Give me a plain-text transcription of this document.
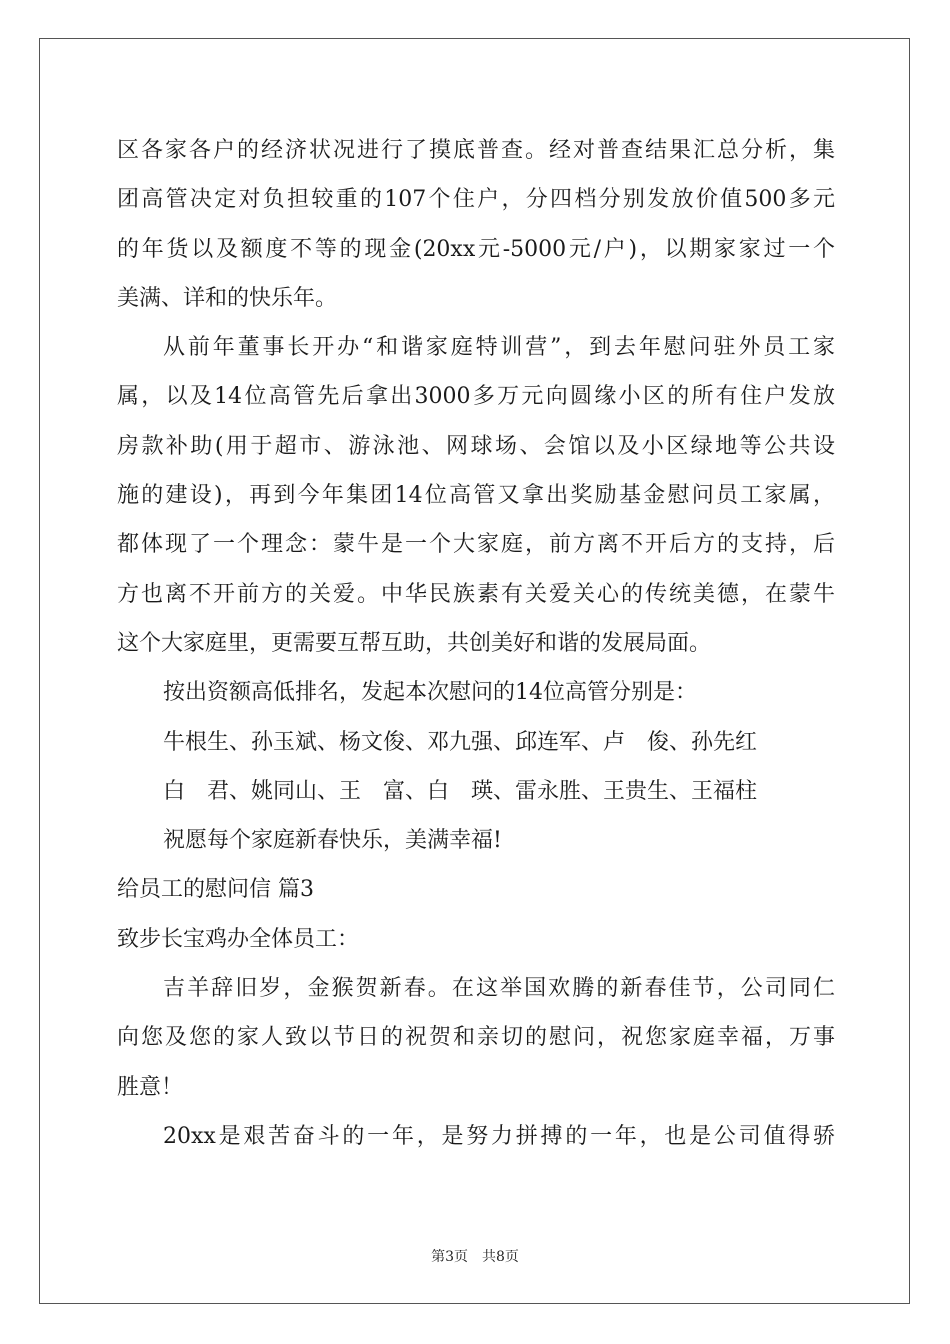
区各家各户的经济状况进行了摸底普查。经对普查结果汇总分析，集
团高管决定对负担较重的107个住户，分四档分别发放价值500多元
的年货以及额度不等的现金(20xx元-5000元/户)，以期家家过一个
美满、详和的快乐年。
从前年董事长开办“和谐家庭特训营”，到去年慰问驻外员工家
属，以及14位高管先后拿出3000多万元向圆缘小区的所有住户发放
房款补助(用于超市、游泳池、网球场、会馆以及小区绿地等公共设
施的建设)，再到今年集团14位高管又拿出奖励基金慰问员工家属，
都体现了一个理念：蒙牛是一个大家庭，前方离不开后方的支持，后
方也离不开前方的关爱。中华民族素有关爱关心的传统美德，在蒙牛
这个大家庭里，更需要互帮互助，共创美好和谐的发展局面。
按出资额高低排名，发起本次慰问的14位高管分别是：
牛根生、孙玉斌、杨文俊、邓九强、邱连军、卢　俊、孙先红
白　君、姚同山、王　富、白　瑛、雷永胜、王贵生、王福柱
祝愿每个家庭新春快乐，美满幸福!
给员工的慰问信 篇3
致步长宝鸡办全体员工：
吉羊辞旧岁，金猴贺新春。在这举国欢腾的新春佳节，公司同仁
向您及您的家人致以节日的祝贺和亲切的慰问，祝您家庭幸福，万事
胜意！
20xx是艰苦奋斗的一年，是努力拼搏的一年，也是公司值得骄
第3页　共8页
